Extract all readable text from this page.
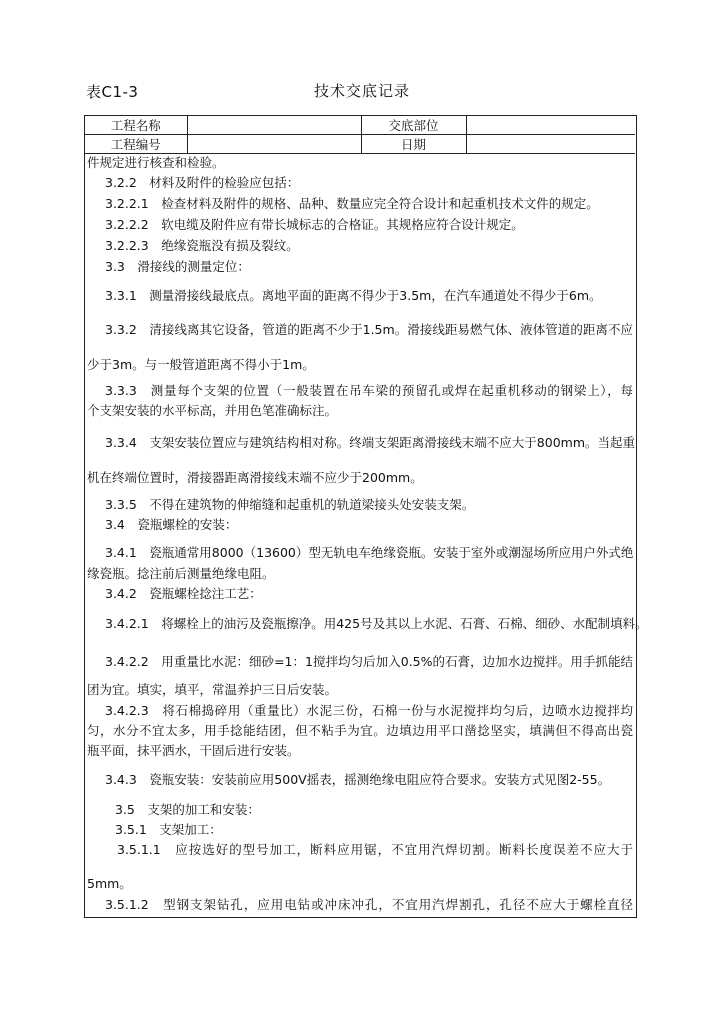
表C1-3	技术交底记录
工程名称		交底部位	
工程编号		日期	
件规定进行核查和检验。
3.2.2　材料及附件的检验应包括：
3.2.2.1　检查材料及附件的规格、品种、数量应完全符合设计和起重机技术文件的规定。
3.2.2.2　软电缆及附件应有带长城标志的合格证。其规格应符合设计规定。
3.2.2.3　绝缘瓷瓶没有损及裂纹。
3.3　滑接线的测量定位：
3.3.1　测量滑接线最底点。离地平面的距离不得少于3.5m，在汽车通道处不得少于6m。
3.3.2　清接线离其它设备，管道的距离不少于1.5m。滑接线距易燃气体、液体管道的距离不应
少于3m。与一般管道距离不得小于1m。
3.3.3　测量每个支架的位置（一般装置在吊车梁的预留孔或焊在起重机移动的钢梁上），每
个支架安装的水平标高，并用色笔准确标注。
3.3.4　支架安装位置应与建筑结构相对称。终端支架距离滑接线末端不应大于800mm。当起重
机在终端位置时，滑接器距离滑接线末端不应少于200mm。
3.3.5　不得在建筑物的伸缩缝和起重机的轨道梁接头处安装支架。
3.4　瓷瓶螺栓的安装：
3.4.1　瓷瓶通常用8000（13600）型无轨电车绝缘瓷瓶。安装于室外或潮湿场所应用户外式绝
缘瓷瓶。捻注前后测量绝缘电阻。
3.4.2　瓷瓶螺栓捻注工艺：
3.4.2.1　将螺栓上的油污及瓷瓶擦净。用425号及其以上水泥、石膏、石棉、细砂、水配制填料。
3.4.2.2　用重量比水泥：细砂=1：1搅拌均匀后加入0.5%的石膏，边加水边搅拌。用手抓能结
团为宜。填实，填平，常温养护三日后安装。
3.4.2.3　将石棉捣碎用（重量比）水泥三份，石棉一份与水泥搅拌均匀后，边喷水边搅拌均
匀，水分不宜太多，用手捻能结团，但不粘手为宜。边填边用平口凿捻坚实，填满但不得高出瓷
瓶平面，抹平洒水，干固后进行安装。
3.4.3　瓷瓶安装：安装前应用500V摇表，摇测绝缘电阻应符合要求。安装方式见图2-55。
3.5　支架的加工和安装：
3.5.1　支架加工：
3.5.1.1　应按选好的型号加工，断料应用锯，不宜用汽焊切割。断料长度误差不应大于
5mm。
3.5.1.2　型钢支架钻孔，应用电钻或冲床冲孔，不宜用汽焊割孔，孔径不应大于螺栓直径
